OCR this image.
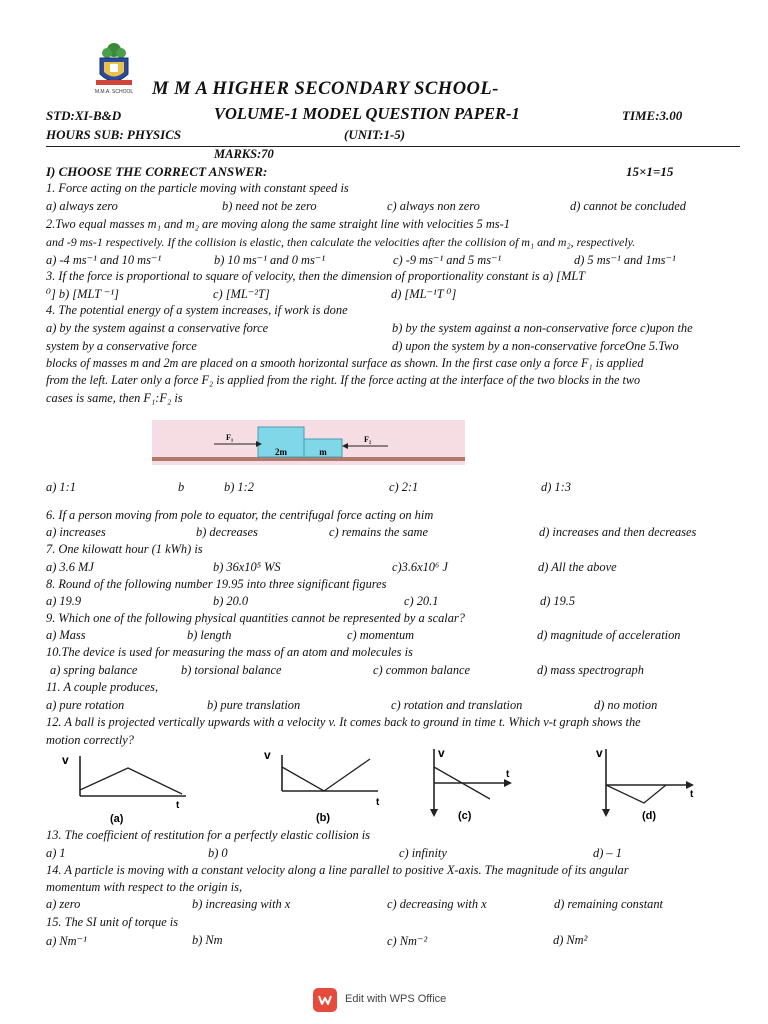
M.M.A. SCHOOL M M A HIGHER SECONDARY SCHOOL-
STD:XI-B&D	VOLUME-1 MODEL QUESTION PAPER-1	TIME:3.00
HOURS SUB: PHYSICS	(UNIT:1-5)
MARKS:70
I) CHOOSE THE CORRECT ANSWER:	15×1=15
1. Force acting on the particle moving with constant speed is
a) always zero	b) need not be zero	c) always non zero	d) cannot be concluded
2.Two equal masses m₁ and m₂ are moving along the same straight line with velocities 5 ms-1
and -9 ms-1 respectively. If the collision is elastic, then calculate the velocities after the collision of m₁ and m₂, respectively.
a) -4 ms⁻¹ and 10 ms⁻¹	b) 10 ms⁻¹ and 0 ms⁻¹	c) -9 ms⁻¹ and 5 ms⁻¹	d) 5 ms⁻¹ and 1ms⁻¹
3. If the force is proportional to square of velocity, then the dimension of proportionality constant is a) [MLT
⁰] b) [MLT ⁻¹]	c) [ML⁻²T]	d) [ML⁻¹T ⁰]
4. The potential energy of a system increases, if work is done
a) by the system against a conservative force	b) by the system against a non-conservative force c)upon the
system by a conservative force	d) upon the system by a non-conservative forceOne 5.Two
blocks of masses m and 2m are placed on a smooth horizontal surface as shown. In the first case only a force F₁ is applied
from the left. Later only a force F₂ is applied from the right. If the force acting at the interface of the two blocks in the two
cases is same, then F₁:F₂ is
F₁	F₂
2m	m
a) 1:1	b	b) 1:2	c) 2:1	d) 1:3
6. If a person moving from pole to equator, the centrifugal force acting on him
a) increases	b) decreases	c) remains the same	d) increases and then decreases
7. One kilowatt hour (1 kWh) is
a) 3.6 MJ	b) 36x10⁵ WS	c)3.6x10⁶ J	d) All the above
8. Round of the following number 19.95 into three significant figures
a) 19.9	b) 20.0	c) 20.1	d) 19.5
9. Which one of the following physical quantities cannot be represented by a scalar?
a) Mass	b) length	c) momentum	d) magnitude of acceleration
10.The device is used for measuring the mass of an atom and molecules is
a) spring balance	b) torsional balance	c) common balance	d) mass spectrograph
11. A couple produces,
a) pure rotation	b) pure translation	c) rotation and translation	d) no motion
12. A ball is projected vertically upwards with a velocity v. It comes back to ground in time t. Which v-t graph shows the
motion correctly?
v
t
(a)
v
t
(b)
v
t
(c)
v
t
(d)
13. The coefficient of restitution for a perfectly elastic collision is
a) 1	b) 0	c) infinity	d) – 1
14. A particle is moving with a constant velocity along a line parallel to positive X-axis. The magnitude of its angular
momentum with respect to the origin is,
a) zero	b) increasing with x	c) decreasing with x	d) remaining constant
15. The SI unit of torque is
a) Nm⁻¹	b) Nm	c) Nm⁻²	d) Nm²
Edit with WPS Office
